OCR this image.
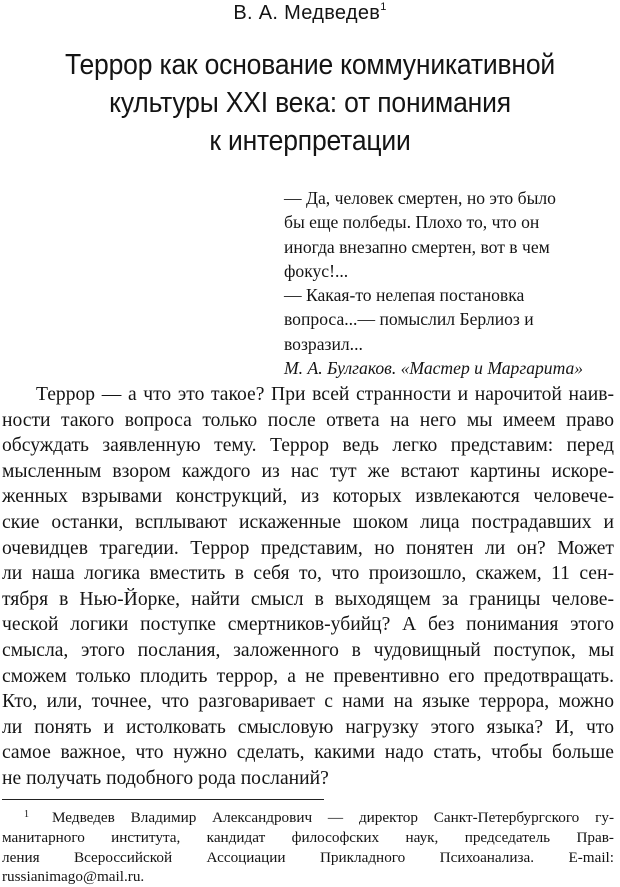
В. А. Медведев$^1$
Террор как основание коммуникативной
культуры XXI века: от понимания
к интерпретации
— Да, человек смертен, но это было
бы еще полбеды. Плохо то, что он
иногда внезапно смертен, вот в чем
фокус!...
— Какая-то нелепая постановка
вопроса...— помыслил Берлиоз и
возразил...
М. А. Булгаков. «Мастер и Маргарита»
Террор — а что это такое? При всей странности и нарочитой наив-
ности такого вопроса только после ответа на него мы имеем право
обсуждать заявленную тему. Террор ведь легко представим: перед
мысленным взором каждого из нас тут же встают картины искоре-
женных взрывами конструкций, из которых извлекаются человече-
ские останки, всплывают искаженные шоком лица пострадавших и
очевидцев трагедии. Террор представим, но понятен ли он? Может
ли наша логика вместить в себя то, что произошло, скажем, 11 сен-
тября в Нью-Йорке, найти смысл в выходящем за границы челове-
ческой логики поступке смертников-убийц? А без понимания этого
смысла, этого послания, заложенного в чудовищный поступок, мы
сможем только плодить террор, а не превентивно его предотвращать.
Кто, или, точнее, что разговаривает с нами на языке террора, можно
ли понять и истолковать смысловую нагрузку этого языка? И, что
самое важное, что нужно сделать, какими надо стать, чтобы больше
не получать подобного рода посланий?
1	Медведев Владимир Александрович — директор Санкт-Петербургского гу-
манитарного института, кандидат философских наук, председатель Прав-
ления Всероссийской Ассоциации Прикладного Психоанализа. E-mail:
russianimago@mail.ru.
